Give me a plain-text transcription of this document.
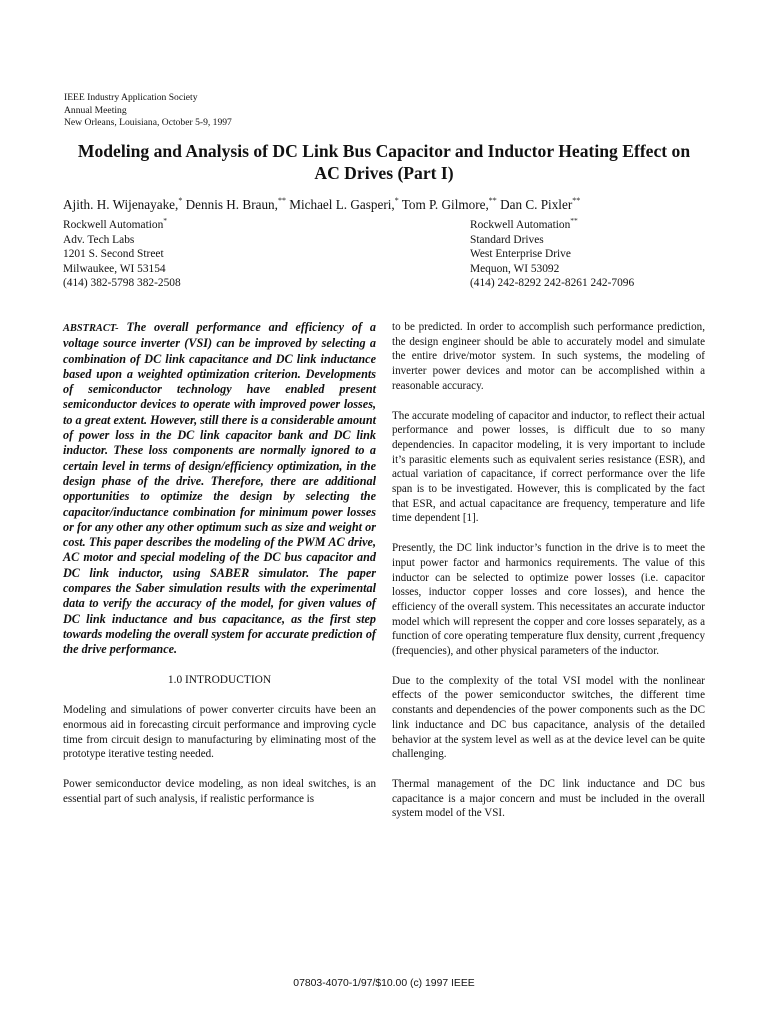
IEEE Industry Application Society
Annual Meeting
New Orleans, Louisiana, October 5-9, 1997
Modeling and Analysis of DC Link Bus Capacitor and Inductor Heating Effect on
AC Drives (Part I)
Ajith. H. Wijenayake,* Dennis H. Braun,** Michael L. Gasperi,* Tom P. Gilmore,** Dan C. Pixler**
Rockwell Automation*
Adv. Tech Labs
1201 S. Second Street
Milwaukee, WI 53154
(414) 382-5798 382-2508
Rockwell Automation**
Standard Drives
West Enterprise Drive
Mequon, WI 53092
(414) 242-8292 242-8261 242-7096

ABSTRACT- The overall performance and efficiency of a voltage source inverter (VSI) can be improved by selecting a combination of DC link capacitance and DC link inductance based upon a weighted optimization criterion. Developments of semiconductor technology have enabled present semiconductor devices to operate with improved power losses, to a great extent. However, still there is a considerable amount of power loss in the DC link capacitor bank and DC link inductor. These loss components are normally ignored to a certain level in terms of design/efficiency optimization, in the design phase of the drive. Therefore, there are additional opportunities to optimize the design by selecting the capacitor/inductance combination for minimum power losses or for any other any other optimum such as size and weight or cost. This paper describes the modeling of the PWM AC drive, AC motor and special modeling of the DC bus capacitor and DC link inductor, using SABER simulator. The paper compares the Saber simulation results with the experimental data to verify the accuracy of the model, for given values of DC link inductance and bus capacitance, as the first step towards modeling the overall system for accurate prediction of the drive performance.

1.0 INTRODUCTION

Modeling and simulations of power converter circuits have been an enormous aid in forecasting circuit performance and improving cycle time from circuit design to manufacturing by eliminating most of the prototype iterative testing needed.

Power semiconductor device modeling, as non ideal switches, is an essential part of such analysis, if realistic performance is

to be predicted. In order to accomplish such performance prediction, the design engineer should be able to accurately model and simulate the entire drive/motor system. In such systems, the modeling of inverter power devices and motor can be accomplished within a reasonable accuracy.

The accurate modeling of capacitor and inductor, to reflect their actual performance and power losses, is difficult due to so many dependencies. In capacitor modeling, it is very important to include it’s parasitic elements such as equivalent series resistance (ESR), and actual variation of capacitance, if correct performance over the life span is to be investigated. However, this is complicated by the fact that ESR, and actual capacitance are frequency, temperature and life time dependent [1].

Presently, the DC link inductor’s function in the drive is to meet the input power factor and harmonics requirements. The value of this inductor can be selected to optimize power losses (i.e. capacitor losses, inductor copper losses and core losses), and hence the efficiency of the overall system. This necessitates an accurate inductor model which will represent the copper and core losses separately, as a function of core operating temperature flux density, current ,frequency (frequencies), and other physical parameters of the inductor.

Due to the complexity of the total VSI model with the nonlinear effects of the power semiconductor switches, the different time constants and dependencies of the power components such as the DC link inductance and DC bus capacitance, analysis of the detailed behavior at the system level as well as at the device level can be quite challenging.

Thermal management of the DC link inductance and DC bus capacitance is a major concern and must be included in the overall system model of the VSI.

07803-4070-1/97/$10.00 (c) 1997 IEEE
